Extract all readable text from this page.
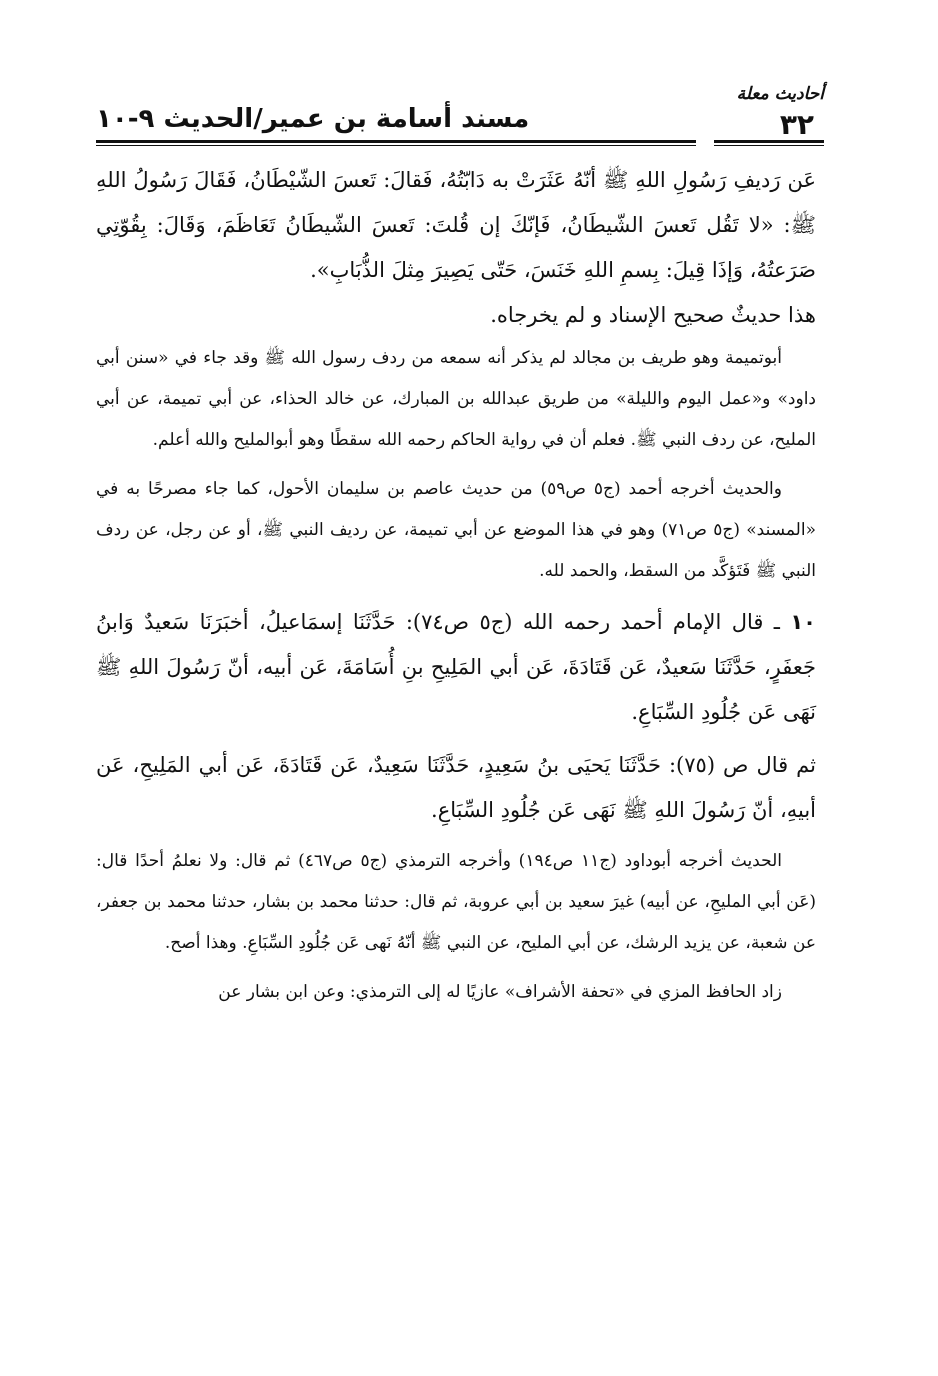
أحاديث معلة
٣٢
مسند أسامة بن عمير/الحديث ٩-١٠

عَن رَديفِ رَسُولِ اللهِ ﷺ أنّهُ عَثَرَتْ به دَابّتُهُ، فَقالَ: تَعسَ الشّيْطَانُ، فَقَالَ رَسُولُ اللهِ ﷺ: «لا تَقُل تَعسَ الشّيطَانُ، فَإنّكَ إن قُلتَ: تَعسَ الشّيطَانُ تَعَاظَمَ، وَقَالَ: بِقُوّتِي صَرَعتُهُ، وَإذَا قِيلَ: بِسمِ اللهِ خَنَسَ، حَتّى يَصِيرَ مِثلَ الذُّبَابِ».

هذا حديثٌ صحيح الإسناد و لم يخرجاه.

أبوتميمة وهو طريف بن مجالد لم يذكر أنه سمعه من ردف رسول الله ﷺ وقد جاء في «سنن أبي داود» و«عمل اليوم والليلة» من طريق عبدالله بن المبارك، عن خالد الحذاء، عن أبي تميمة، عن أبي المليح، عن ردف النبي ﷺ. فعلم أن في رواية الحاكم رحمه الله سقطًا وهو أبوالمليح والله أعلم.

والحديث أخرجه أحمد (ج٥ ص٥٩) من حديث عاصم بن سليمان الأحول، كما جاء مصرحًا به في «المسند» (ج٥ ص٧١) وهو في هذا الموضع عن أبي تميمة، عن رديف النبي ﷺ، أو عن رجل، عن ردف النبي ﷺ فَتَؤكَّد من السقط، والحمد لله.

١٠ ـ قال الإمام أحمد رحمه الله (ج٥ ص٧٤): حَدَّثَنَا إسمَاعيلُ، أخبَرَنَا سَعيدٌ وَابنُ جَعفَرٍ، حَدَّثَنَا سَعيدٌ، عَن قَتَادَةَ، عَن أبي المَلِيحِ بنِ أُسَامَةَ، عَن أبيه، أنّ رَسُولَ اللهِ ﷺ نَهَى عَن جُلُودِ السِّبَاعِ.

ثم قال ص (٧٥): حَدَّثَنَا يَحيَى بنُ سَعِيدٍ، حَدَّثَنَا سَعِيدٌ، عَن قَتَادَةَ، عَن أبي المَلِيحِ، عَن أبيهِ، أنّ رَسُولَ اللهِ ﷺ نَهَى عَن جُلُودِ السِّبَاعِ.

الحديث أخرجه أبوداود (ج١١ ص١٩٤) وأخرجه الترمذي (ج٥ ص٤٦٧) ثم قال: ولا نعلمُ أحدًا قال: (عَن أبي المليحِ، عن أبيه) غيرَ سعيد بن أبي عروبة، ثم قال: حدثنا محمد بن بشار، حدثنا محمد بن جعفر، عن شعبة، عن يزيد الرشك، عن أبي المليح، عن النبي ﷺ أنّهُ نَهى عَن جُلُودِ السِّبَاعِ. وهذا أصح.

زاد الحافظ المزي في «تحفة الأشراف» عازيًا له إلى الترمذي: وعن ابن بشار عن
